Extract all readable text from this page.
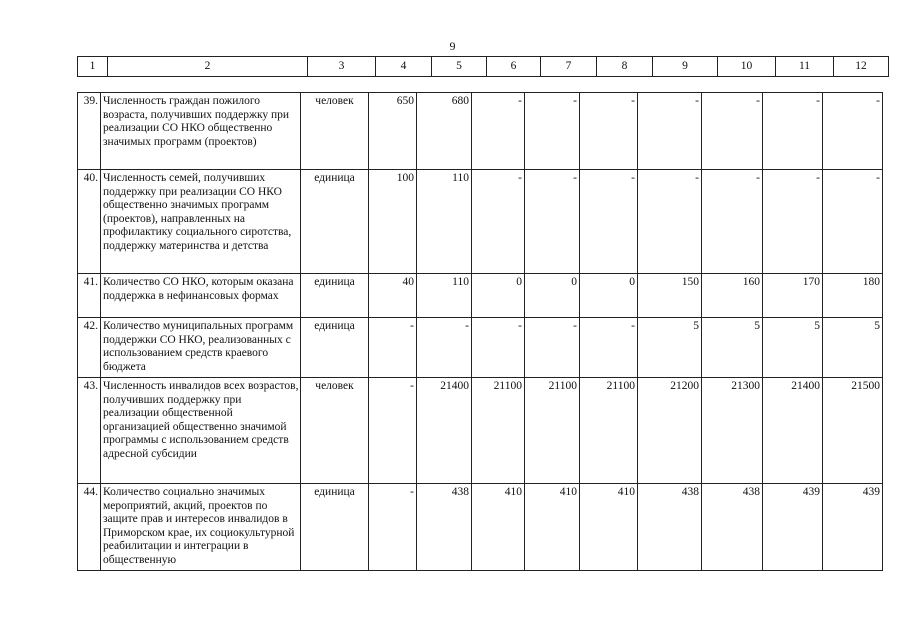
9
1	2	3	4	5	6	7	8	9	10	11	12
39.	Численность граждан пожилого возраста, получивших поддержку при реализации СО НКО общественно значимых программ (проектов)	человек	650	680	-	-	-	-	-	-	-
40.	Численность семей, получивших поддержку при реализации СО НКО общественно значимых программ (проектов), направленных на профилактику социального сиротства, поддержку материнства и детства	единица	100	110	-	-	-	-	-	-	-
41.	Количество СО НКО, которым оказана поддержка в нефинансовых формах	единица	40	110	0	0	0	150	160	170	180
42.	Количество муниципальных программ поддержки СО НКО, реализованных с использованием средств краевого бюджета	единица	-	-	-	-	-	5	5	5	5
43.	Численность инвалидов всех возрастов, получивших поддержку при реализации общественной организацией общественно значимой программы с использованием средств адресной субсидии	человек	-	21400	21100	21100	21100	21200	21300	21400	21500
44.	Количество социально значимых мероприятий, акций, проектов по защите прав и интересов инвалидов в Приморском крае, их социокультурной реабилитации и интеграции в общественную	единица	-	438	410	410	410	438	438	439	439
